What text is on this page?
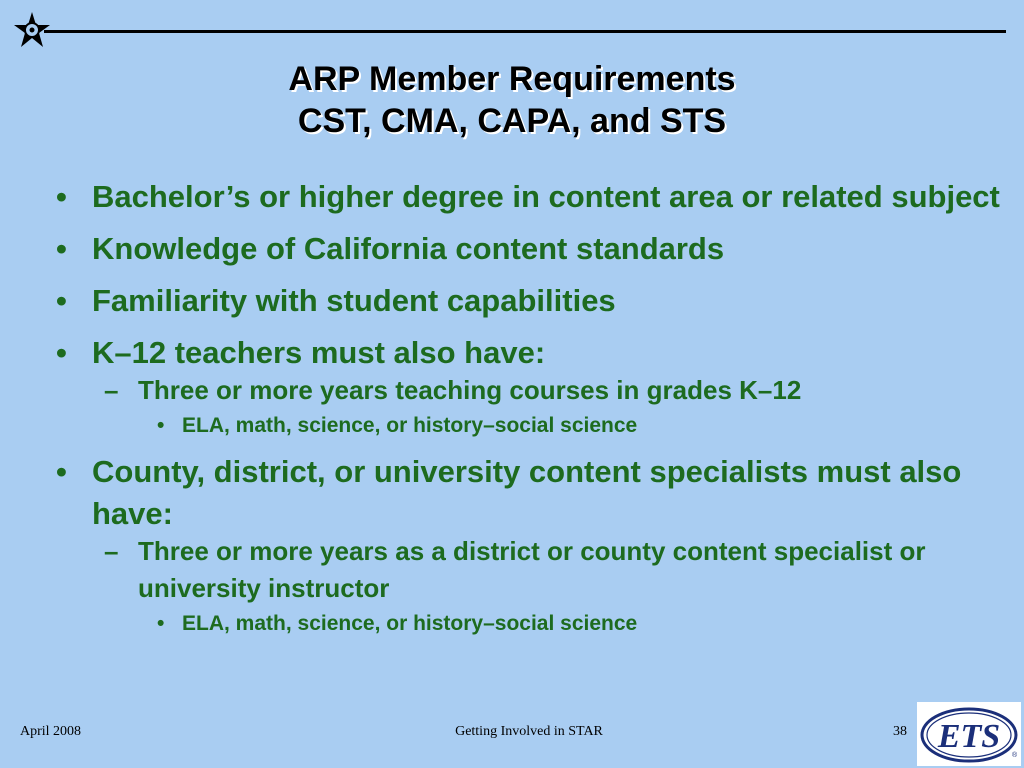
ARP Member Requirements
CST, CMA, CAPA, and STS
• Bachelor’s or higher degree in content area or related subject
• Knowledge of California content standards
• Familiarity with student capabilities
• K–12 teachers must also have:
– Three or more years teaching courses in grades K–12
• ELA, math, science, or history–social science
• County, district, or university content specialists must also have:
– Three or more years as a district or county content specialist or university instructor
• ELA, math, science, or history–social science
April 2008	Getting Involved in STAR	38 ETS
®
